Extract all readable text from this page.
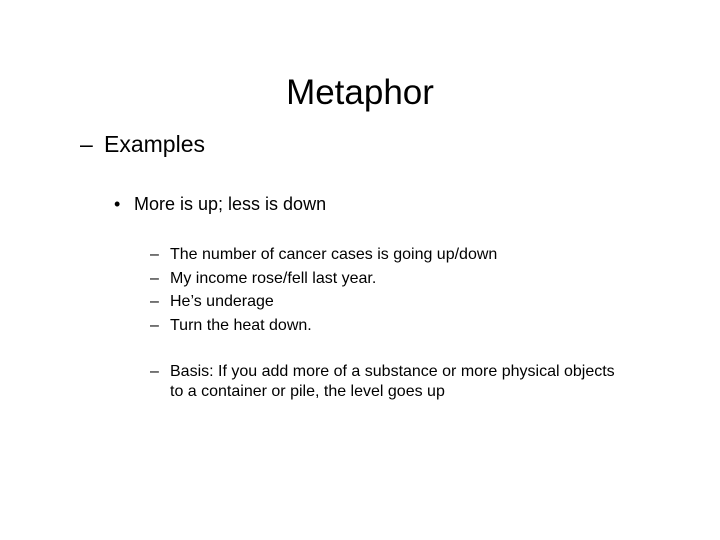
Metaphor
– Examples
• More is up; less is down
– The number of cancer cases is going up/down
– My income rose/fell last year.
– He’s underage
– Turn the heat down.
– Basis: If you add more of a substance or more physical objects to a container or pile, the level goes up
